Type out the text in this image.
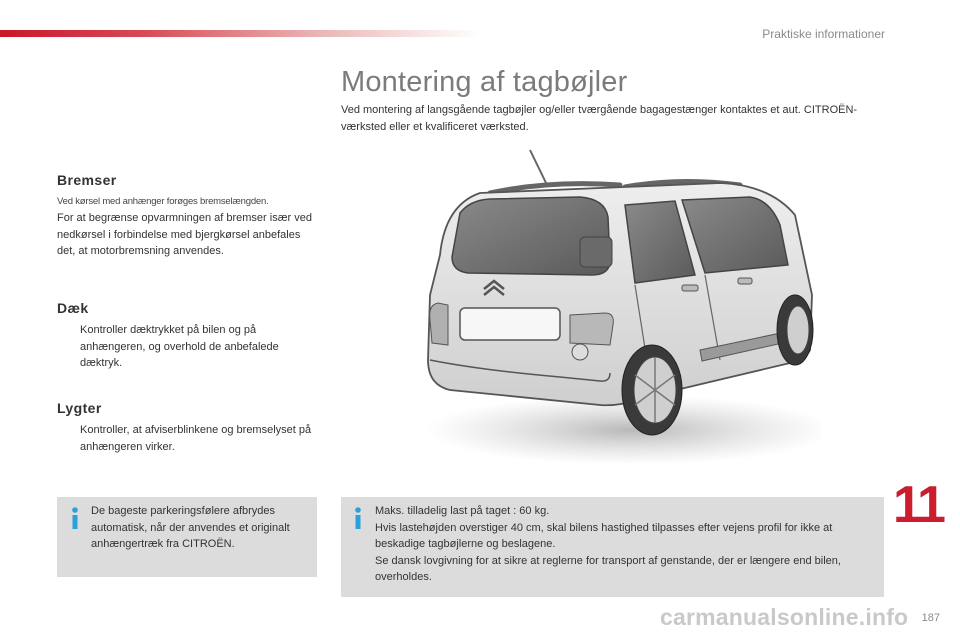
Praktiske informationer
Montering af tagbøjler
Ved montering af langsgående tagbøjler og/eller tværgående bagagestænger kontaktes et aut. CITROËN-værksted eller et kvalificeret værksted.
Bremser
Ved kørsel med anhænger forøges bremselængden.
For at begrænse opvarmningen af bremser især ved nedkørsel i forbindelse med bjergkørsel anbefales det, at motorbremsning anvendes.
Dæk
Kontroller dæktrykket på bilen og på anhængeren, og overhold de anbefalede dæktryk.
Lygter
Kontroller, at afviserblinkene og bremselyset på anhængeren virker.
De bageste parkeringsfølere afbrydes automatisk, når der anvendes et originalt anhængertræk fra CITROËN.
Maks. tilladelig last på taget : 60 kg.
Hvis lastehøjden overstiger 40 cm, skal bilens hastighed tilpasses efter vejens profil for ikke at beskadige tagbøjlerne og beslagene.
Se dansk lovgivning for at sikre at reglerne for transport af genstande, der er længere end bilen, overholdes.
11
carmanualsonline.info 187
